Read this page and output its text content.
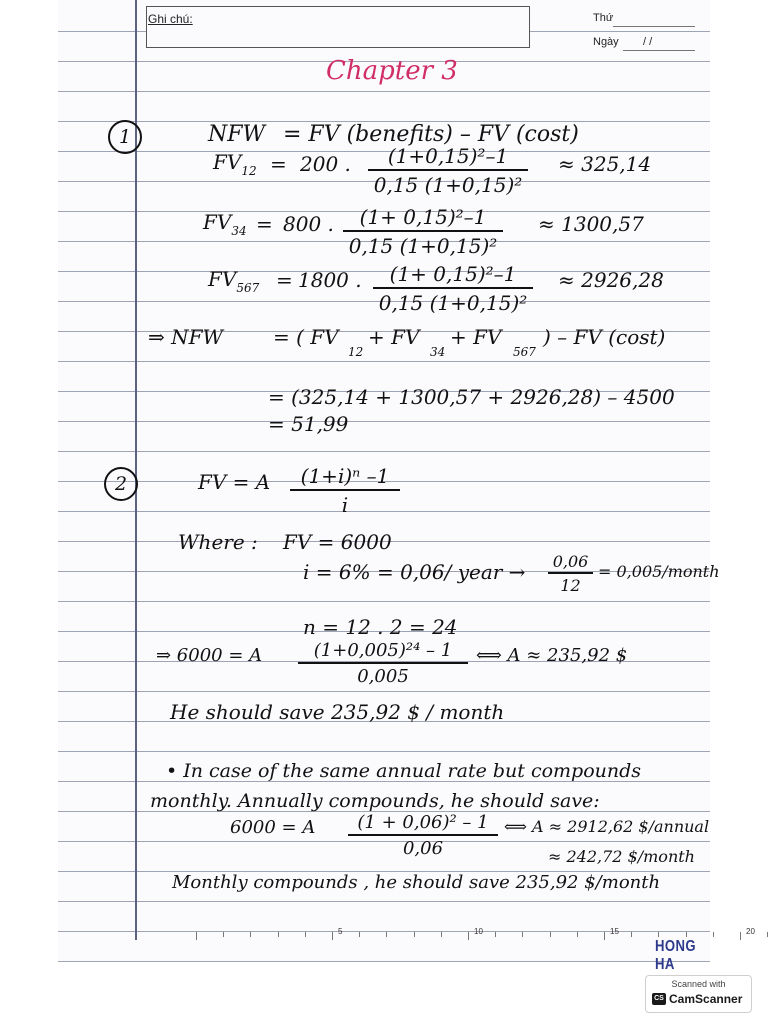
Ghi chú:	Thứ
Ngày / /
Chapter 3
1	NFW = FV (benefits) – FV (cost)
$FV_{12} = 200$ .	(1+0,15)²–1
0,15 (1+0,15)²
≈ 325,14
$FV_{34} = 800$ .	(1+ 0,15)²–1
0,15 (1+0,15)²
≈ 1300,57
$FV_{567} = 1800$ .	(1+ 0,15)²–1
0,15 (1+0,15)²
≈ 2926,28
⇒ NFW = ( FV
12
+ FV
34
+ FV
567
) – FV (cost)
= (325,14 + 1300,57 + 2926,28) – 4500
= 51,99
2	FV = A	(1+i)ⁿ –1
i
Where : FV = 6000
i = 6% = 0,06/ year → 0,06
12
= 0,005/month
n = 12 . 2 = 24
⇒ 6000 = A	(1+0,005)²⁴ – 1
0,005
⟺ A ≈ 235,92 $
He should save 235,92 $ / month
• In case of the same annual rate but compounds
monthly. Annually compounds, he should save:
6000 = A	(1 + 0,06)² – 1
0,06
⟺ A ≈ 2912,62 $/annual
≈ 242,72 $/month
Monthly compounds , he should save 235,92 $/month
5	10	15	20
HONG HA
Scanned with
CS CamScanner
